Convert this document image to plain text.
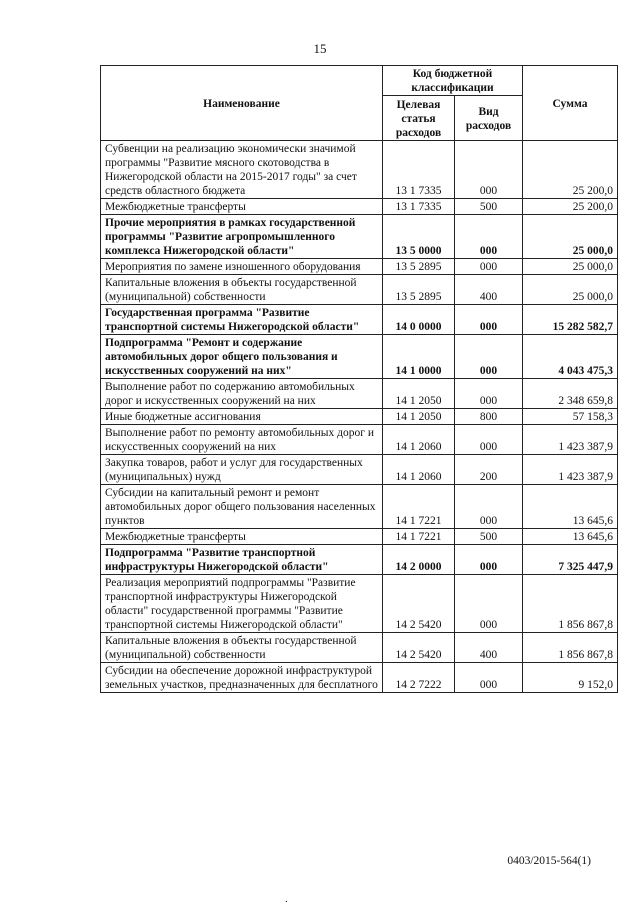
15
Наименование	Код бюджетной классификации		Сумма
	Целевая статья расходов	Вид расходов	
Субвенции на реализацию экономически значимой программы "Развитие мясного скотоводства в Нижегородской области на 2015-2017 годы" за счет средств областного бюджета	13 1 7335	000	25 200,0
Межбюджетные трансферты	13 1 7335	500	25 200,0
Прочие мероприятия в рамках государственной программы "Развитие агропромышленного комплекса Нижегородской области"	13 5 0000	000	25 000,0
Мероприятия по замене изношенного оборудования	13 5 2895	000	25 000,0
Капитальные вложения в объекты государственной (муниципальной) собственности	13 5 2895	400	25 000,0
Государственная программа "Развитие транспортной системы Нижегородской области"	14 0 0000	000	15 282 582,7
Подпрограмма "Ремонт и содержание автомобильных дорог общего пользования и искусственных сооружений на них"	14 1 0000	000	4 043 475,3
Выполнение работ по содержанию автомобильных дорог и искусственных сооружений на них	14 1 2050	000	2 348 659,8
Иные бюджетные ассигнования	14 1 2050	800	57 158,3
Выполнение работ по ремонту автомобильных дорог и искусственных сооружений на них	14 1 2060	000	1 423 387,9
Закупка товаров, работ и услуг для государственных (муниципальных) нужд	14 1 2060	200	1 423 387,9
Субсидии на капитальный ремонт и ремонт автомобильных дорог общего пользования населенных пунктов	14 1 7221	000	13 645,6
Межбюджетные трансферты	14 1 7221	500	13 645,6
Подпрограмма "Развитие транспортной инфраструктуры Нижегородской области"	14 2 0000	000	7 325 447,9
Реализация мероприятий подпрограммы "Развитие транспортной инфраструктуры Нижегородской области" государственной программы "Развитие транспортной системы Нижегородской области"	14 2 5420	000	1 856 867,8
Капитальные вложения в объекты государственной (муниципальной) собственности	14 2 5420	400	1 856 867,8
Субсидии на обеспечение дорожной инфраструктурой земельных участков, предназначенных для бесплатного	14 2 7222	000	9 152,0
0403/2015-564(1)
.
